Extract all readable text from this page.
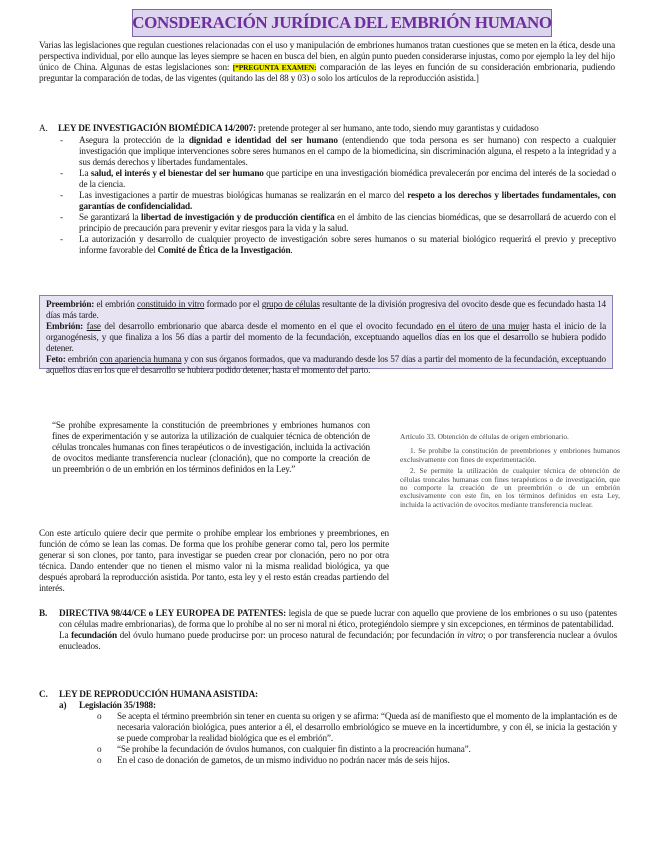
CONSDERACIÓN JURÍDICA DEL EMBRIÓN HUMANO
Varias las legislaciones que regulan cuestiones relacionadas con el uso y manipulación de embriones humanos tratan cuestiones que se meten en la ética, desde una perspectiva individual, por ello aunque las leyes siempre se hacen en busca del bien, en algún punto pueden considerarse injustas, como por ejemplo la ley del hijo único de China. Algunas de estas legislaciones son: [*PREGUNTA EXAMEN: comparación de las leyes en función de su consideración embrionaria, pudiendo preguntar la comparación de todas, de las vigentes (quitando las del 88 y 03) o solo los artículos de la reproducción asistida.]
A. LEY DE INVESTIGACIÓN BIOMÉDICA 14/2007: pretende proteger al ser humano, ante todo, siendo muy garantistas y cuidadoso
- Asegura la protección de la dignidad e identidad del ser humano (entendiendo que toda persona es ser humano) con respecto a cualquier investigación que implique intervenciones sobre seres humanos en el campo de la biomedicina, sin discriminación alguna, el respeto a la integridad y a sus demás derechos y libertades fundamentales.
- La salud, el interés y el bienestar del ser humano que participe en una investigación biomédica prevalecerán por encima del interés de la sociedad o de la ciencia.
- Las investigaciones a partir de muestras biológicas humanas se realizarán en el marco del respeto a los derechos y libertades fundamentales, con garantías de confidencialidad.
- Se garantizará la libertad de investigación y de producción científica en el ámbito de las ciencias biomédicas, que se desarrollará de acuerdo con el principio de precaución para prevenir y evitar riesgos para la vida y la salud.
- La autorización y desarrollo de cualquier proyecto de investigación sobre seres humanos o su material biológico requerirá el previo y preceptivo informe favorable del Comité de Ética de la Investigación.
Preembrión: el embrión constituido in vitro formado por el grupo de células resultante de la división progresiva del ovocito desde que es fecundado hasta 14 días más tarde.
Embrión: fase del desarrollo embrionario que abarca desde el momento en el que el ovocito fecundado en el útero de una mujer hasta el inicio de la organogénesis, y que finaliza a los 56 días a partir del momento de la fecundación, exceptuando aquellos días en los que el desarrollo se hubiera podido detener.
Feto: embrión con apariencia humana y con sus órganos formados, que va madurando desde los 57 días a partir del momento de la fecundación, exceptuando aquellos días en los que el desarrollo se hubiera podido detener, hasta el momento del parto.
“Se prohíbe expresamente la constitución de preembriones y embriones humanos con fines de experimentación y se autoriza la utilización de cualquier técnica de obtención de células troncales humanas con fines terapéuticos o de investigación, incluida la activación de ovocitos mediante transferencia nuclear (clonación), que no comporte la creación de un preembrión o de un embrión en los términos definidos en la Ley.”
Artículo 33. Obtención de células de origen embrionario.
1. Se prohíbe la constitución de preembriones y embriones humanos exclusivamente con fines de experimentación.
2. Se permite la utilización de cualquier técnica de obtención de células troncales humanas con fines terapéuticos o de investigación, que no comporte la creación de un preembrión o de un embrión exclusivamente con este fin, en los términos definidos en esta Ley, incluida la activación de ovocitos mediante transferencia nuclear.
Con este artículo quiere decir que permite o prohíbe emplear los embriones y preembriones, en función de cómo se lean las comas. De forma que los prohíbe generar como tal, pero los permite generar si son clones, por tanto, para investigar se pueden crear por clonación, pero no por otra técnica. Dando entender que no tienen el mismo valor ni la misma realidad biológica, ya que después aprobará la reproducción asistida. Por tanto, esta ley y el resto están creadas partiendo del interés.
B. DIRECTIVA 98/44/CE o LEY EUROPEA DE PATENTES: legisla de que se puede lucrar con aquello que proviene de los embriones o su uso (patentes con células madre embrionarias), de forma que lo prohíbe al no ser ni moral ni ético, protegiéndolo siempre y sin excepciones, en términos de patentabilidad.
La fecundación del óvulo humano puede producirse por: un proceso natural de fecundación; por fecundación in vitro; o por transferencia nuclear a óvulos enucleados.
C. LEY DE REPRODUCCIÓN HUMANA ASISTIDA:
a) Legislación 35/1988:
o Se acepta el término preembrión sin tener en cuenta su origen y se afirma: “Queda así de manifiesto que el momento de la implantación es de necesaria valoración biológica, pues anterior a él, el desarrollo embriológico se mueve en la incertidumbre, y con él, se inicia la gestación y se puede comprobar la realidad biológica que es el embrión”.
o “Se prohíbe la fecundación de óvulos humanos, con cualquier fin distinto a la procreación humana”.
o En el caso de donación de gametos, de un mismo individuo no podrán nacer más de seis hijos.
